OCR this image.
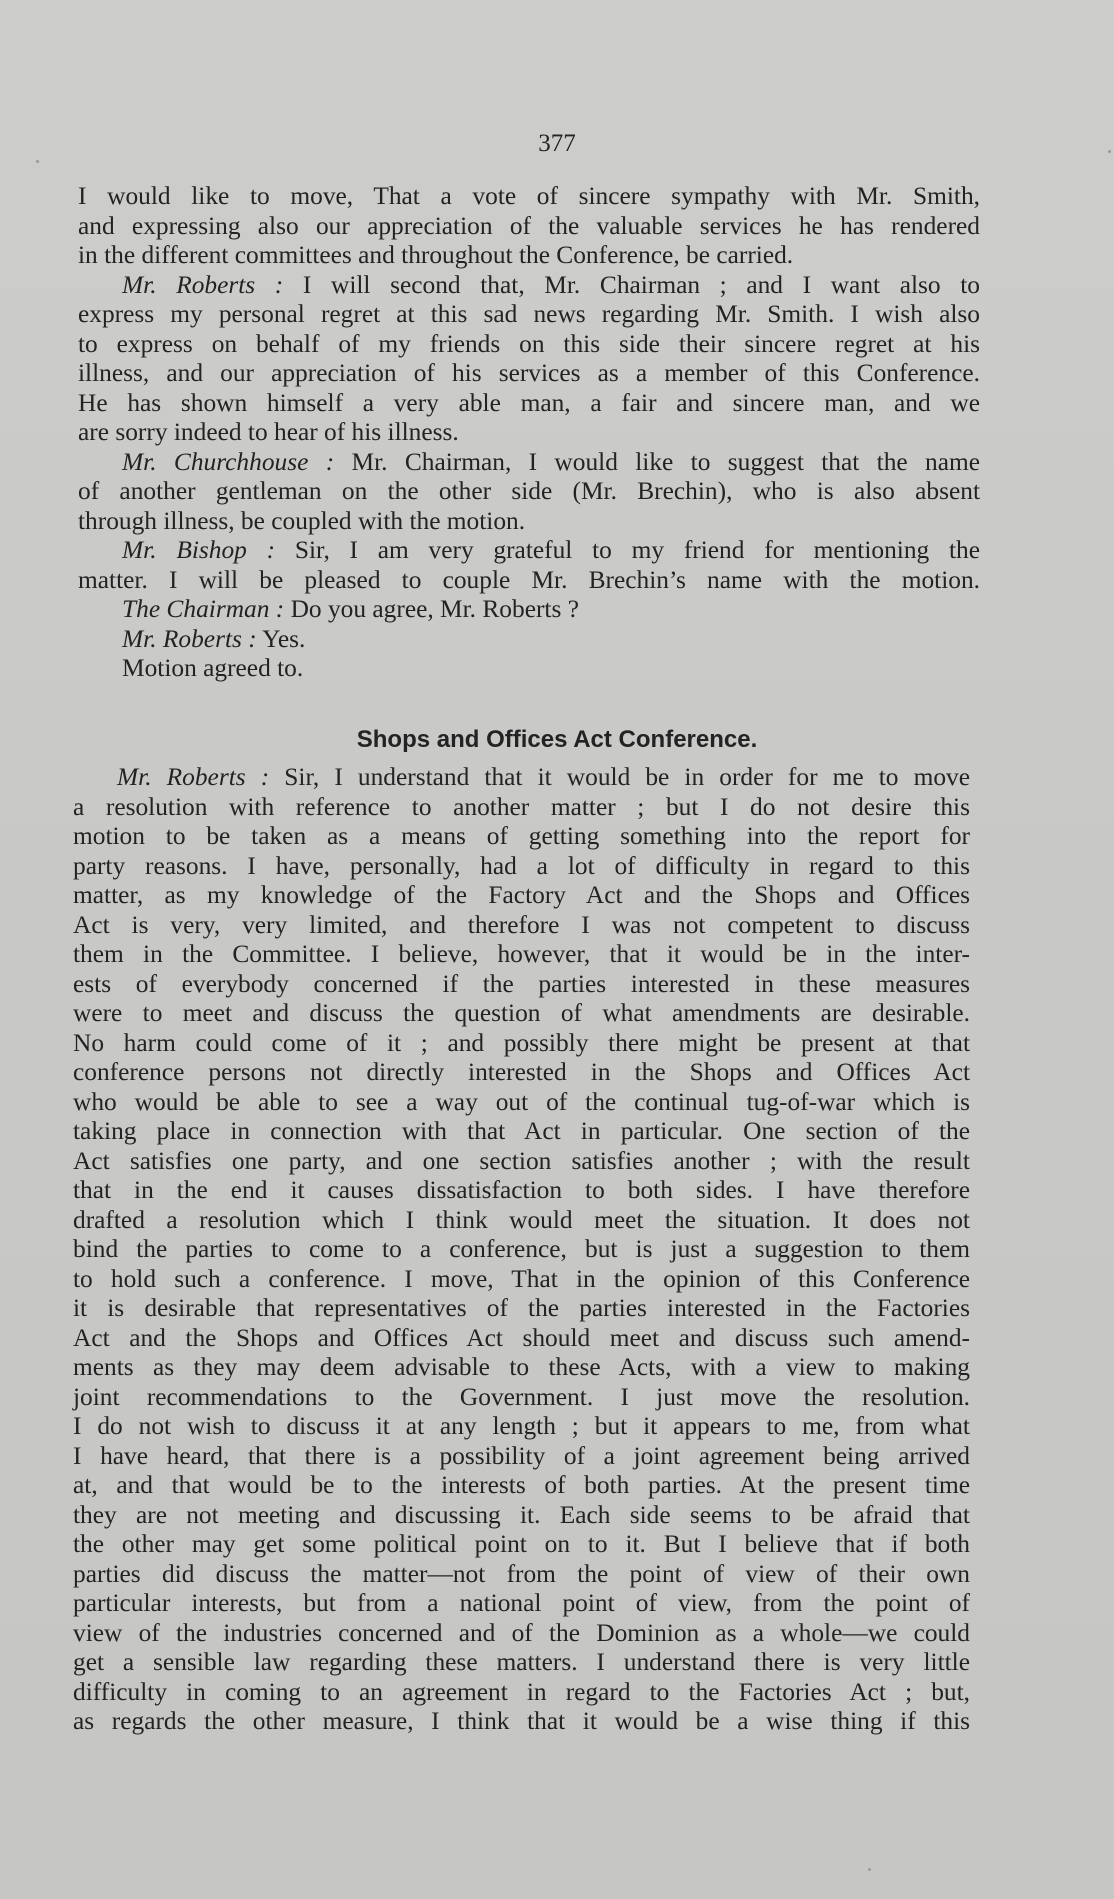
377
I would like to move, That a vote of sincere sympathy with Mr. Smith,
and expressing also our appreciation of the valuable services he has rendered
in the different committees and throughout the Conference, be carried.
Mr. Roberts : I will second that, Mr. Chairman ; and I want also to
express my personal regret at this sad news regarding Mr. Smith. I wish also
to express on behalf of my friends on this side their sincere regret at his
illness, and our appreciation of his services as a member of this Conference.
He has shown himself a very able man, a fair and sincere man, and we
are sorry indeed to hear of his illness.
Mr. Churchhouse : Mr. Chairman, I would like to suggest that the name
of another gentleman on the other side (Mr. Brechin), who is also absent
through illness, be coupled with the motion.
Mr. Bishop : Sir, I am very grateful to my friend for mentioning the
matter. I will be pleased to couple Mr. Brechin’s name with the motion.
The Chairman : Do you agree, Mr. Roberts ?
Mr. Roberts : Yes.
Motion agreed to.
Shops and Offices Act Conference.
Mr. Roberts : Sir, I understand that it would be in order for me to move
a resolution with reference to another matter ; but I do not desire this
motion to be taken as a means of getting something into the report for
party reasons. I have, personally, had a lot of difficulty in regard to this
matter, as my knowledge of the Factory Act and the Shops and Offices
Act is very, very limited, and therefore I was not competent to discuss
them in the Committee. I believe, however, that it would be in the inter-
ests of everybody concerned if the parties interested in these measures
were to meet and discuss the question of what amendments are desirable.
No harm could come of it ; and possibly there might be present at that
conference persons not directly interested in the Shops and Offices Act
who would be able to see a way out of the continual tug-of-war which is
taking place in connection with that Act in particular. One section of the
Act satisfies one party, and one section satisfies another ; with the result
that in the end it causes dissatisfaction to both sides. I have therefore
drafted a resolution which I think would meet the situation. It does not
bind the parties to come to a conference, but is just a suggestion to them
to hold such a conference. I move, That in the opinion of this Conference
it is desirable that representatives of the parties interested in the Factories
Act and the Shops and Offices Act should meet and discuss such amend-
ments as they may deem advisable to these Acts, with a view to making
joint recommendations to the Government. I just move the resolution.
I do not wish to discuss it at any length ; but it appears to me, from what
I have heard, that there is a possibility of a joint agreement being arrived
at, and that would be to the interests of both parties. At the present time
they are not meeting and discussing it. Each side seems to be afraid that
the other may get some political point on to it. But I believe that if both
parties did discuss the matter—not from the point of view of their own
particular interests, but from a national point of view, from the point of
view of the industries concerned and of the Dominion as a whole—we could
get a sensible law regarding these matters. I understand there is very little
difficulty in coming to an agreement in regard to the Factories Act ; but,
as regards the other measure, I think that it would be a wise thing if this
